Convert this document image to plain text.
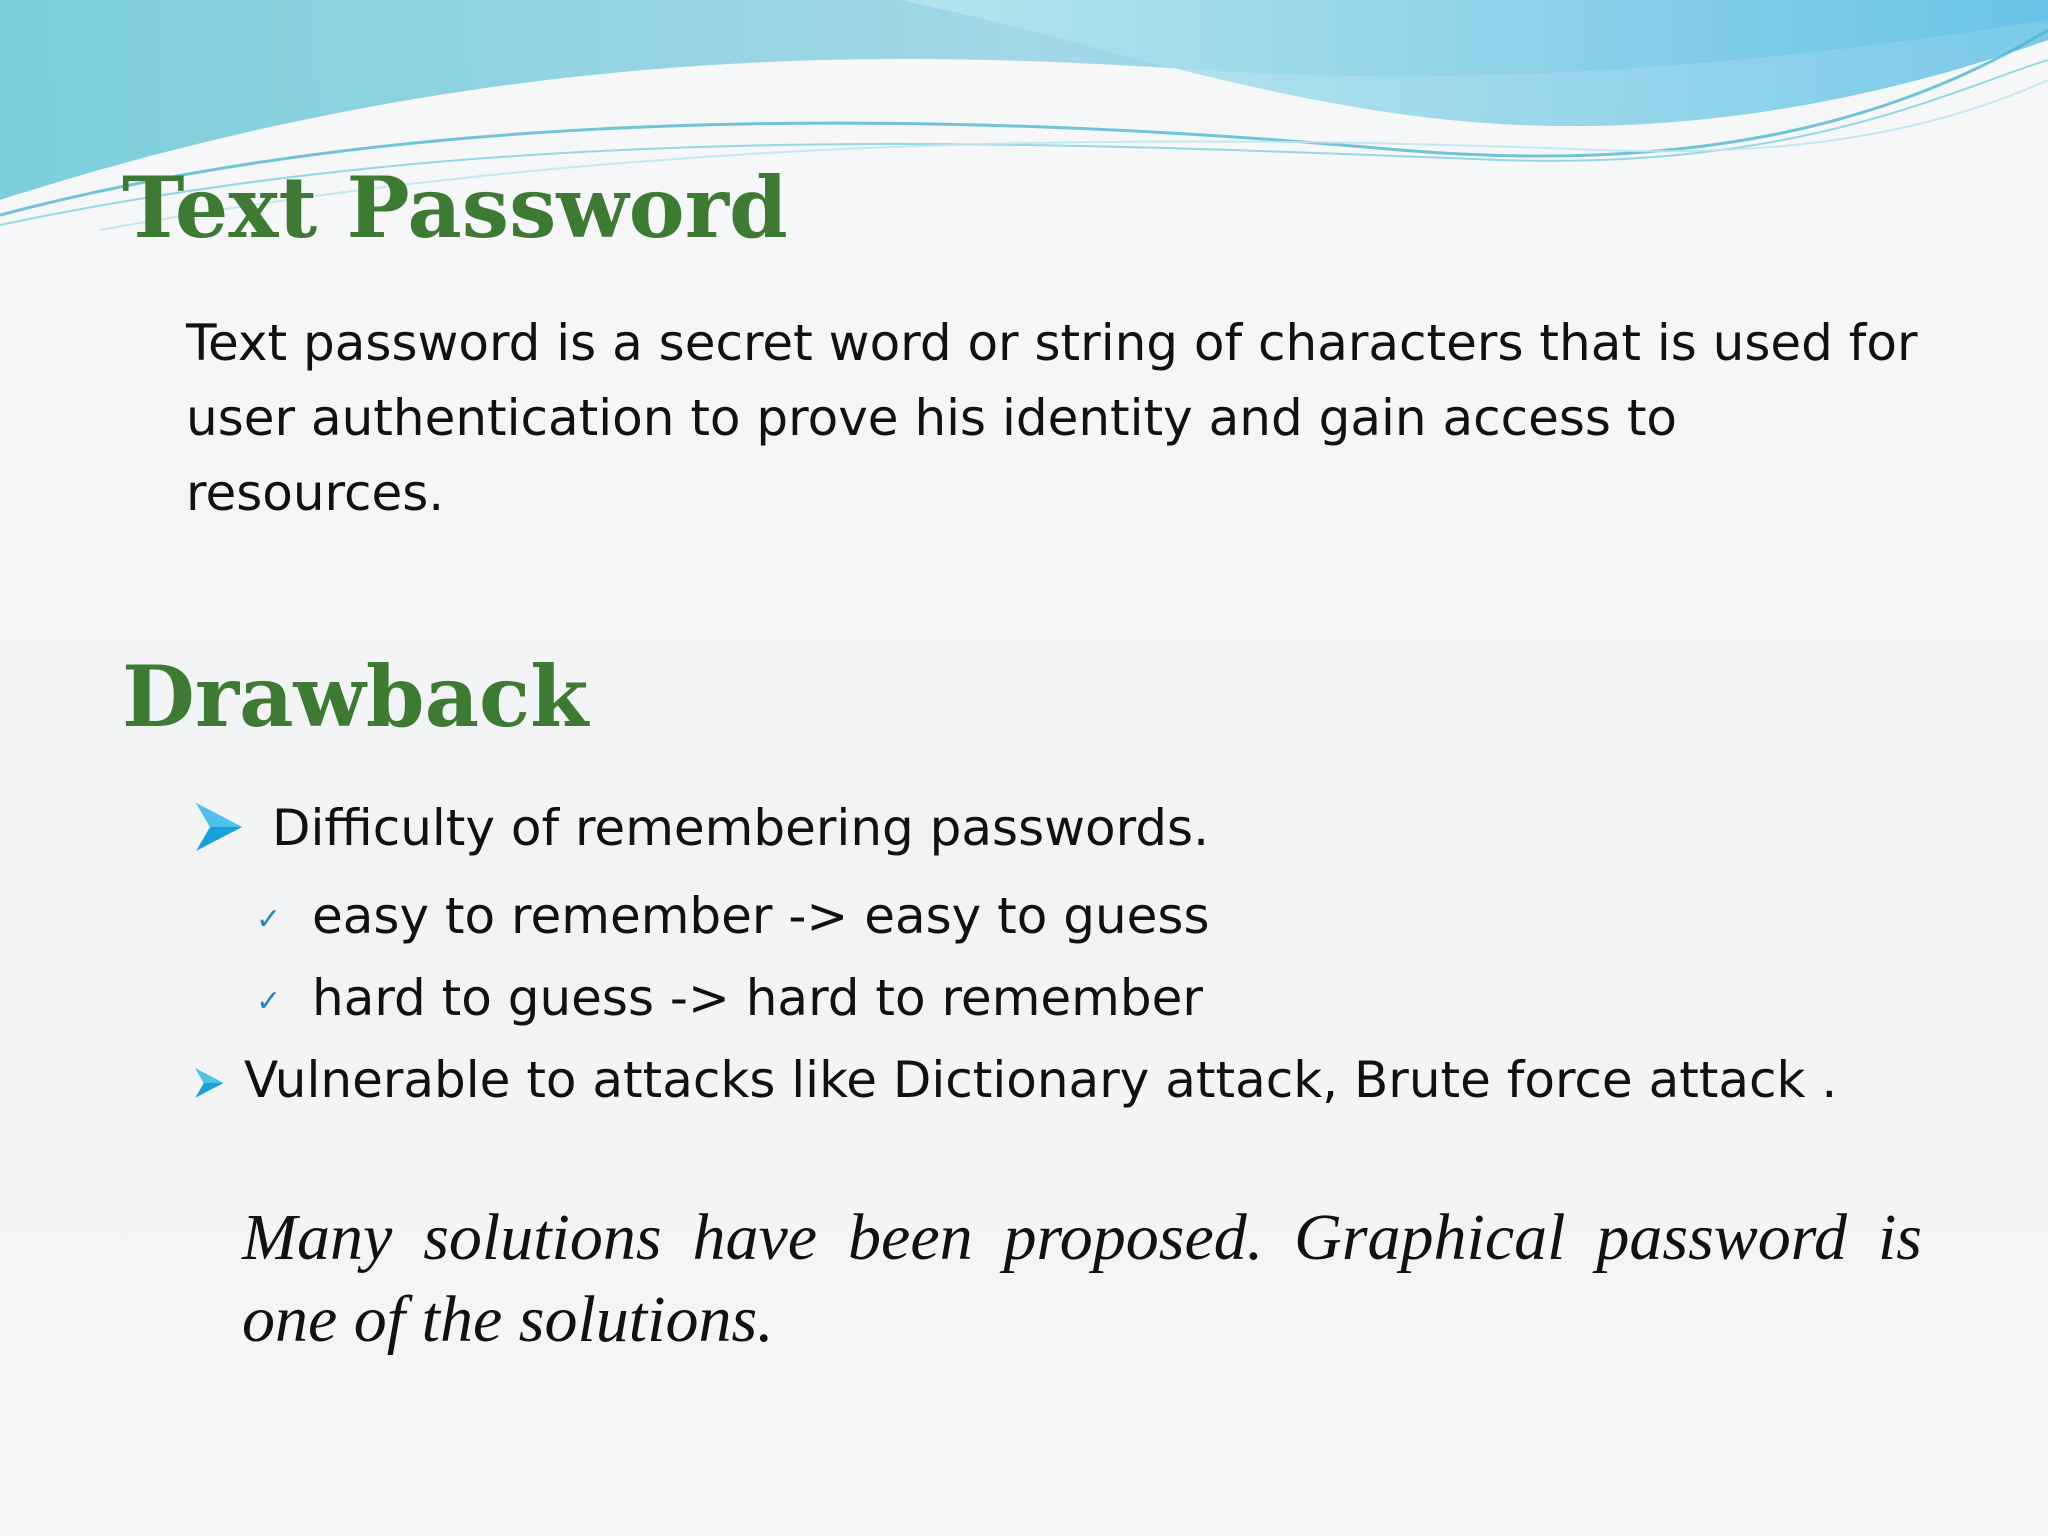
Text Password

Text password is a secret word or string of characters that is used for user authentication to prove his identity and gain access to resources.

Drawback
Difficulty of remembering passwords.
✓ easy to remember -> easy to guess
✓ hard to guess -> hard to remember
Vulnerable to attacks like Dictionary attack, Brute force attack .

Many solutions have been proposed. Graphical password is one of the solutions.
